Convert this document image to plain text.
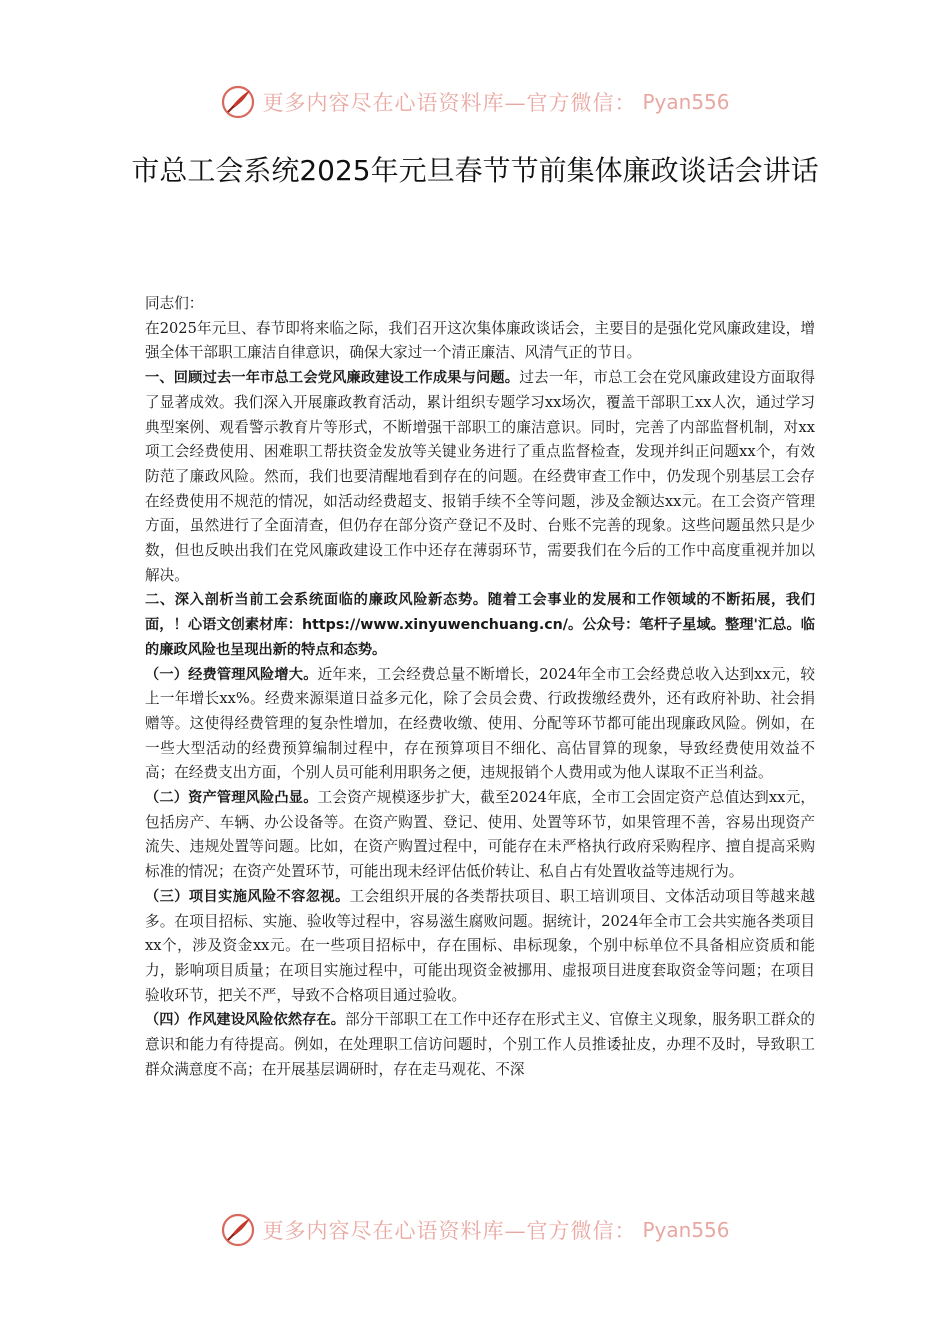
更多内容尽在心语资料库—官方微信： Pyan556
市总工会系统2025年元旦春节节前集体廉政谈话会讲话

同志们：

在2025年元旦、春节即将来临之际，我们召开这次集体廉政谈话会，主要目的是强化党风廉政建设，增强全体干部职工廉洁自律意识，确保大家过一个清正廉洁、风清气正的节日。

一、回顾过去一年市总工会党风廉政建设工作成果与问题。过去一年，市总工会在党风廉政建设方面取得了显著成效。我们深入开展廉政教育活动，累计组织专题学习xx场次，覆盖干部职工xx人次，通过学习典型案例、观看警示教育片等形式，不断增强干部职工的廉洁意识。同时，完善了内部监督机制，对xx项工会经费使用、困难职工帮扶资金发放等关键业务进行了重点监督检查，发现并纠正问题xx个，有效防范了廉政风险。然而，我们也要清醒地看到存在的问题。在经费审查工作中，仍发现个别基层工会存在经费使用不规范的情况，如活动经费超支、报销手续不全等问题，涉及金额达xx元。在工会资产管理方面，虽然进行了全面清查，但仍存在部分资产登记不及时、台账不完善的现象。这些问题虽然只是少数，但也反映出我们在党风廉政建设工作中还存在薄弱环节，需要我们在今后的工作中高度重视并加以解决。

二、深入剖析当前工会系统面临的廉政风险新态势。随着工会事业的发展和工作领域的不断拓展，我们面，！心语文创素材库：https://www.xinyuwenchuang.cn/。公众号：笔杆子星域。整理'汇总。临的廉政风险也呈现出新的特点和态势。

（一）经费管理风险增大。近年来，工会经费总量不断增长，2024年全市工会经费总收入达到xx元，较上一年增长xx%。经费来源渠道日益多元化，除了会员会费、行政拨缴经费外，还有政府补助、社会捐赠等。这使得经费管理的复杂性增加，在经费收缴、使用、分配等环节都可能出现廉政风险。例如，在一些大型活动的经费预算编制过程中，存在预算项目不细化、高估冒算的现象，导致经费使用效益不高；在经费支出方面，个别人员可能利用职务之便，违规报销个人费用或为他人谋取不正当利益。

（二）资产管理风险凸显。工会资产规模逐步扩大，截至2024年底，全市工会固定资产总值达到xx元，包括房产、车辆、办公设备等。在资产购置、登记、使用、处置等环节，如果管理不善，容易出现资产流失、违规处置等问题。比如，在资产购置过程中，可能存在未严格执行政府采购程序、擅自提高采购标准的情况；在资产处置环节，可能出现未经评估低价转让、私自占有处置收益等违规行为。

（三）项目实施风险不容忽视。工会组织开展的各类帮扶项目、职工培训项目、文体活动项目等越来越多。在项目招标、实施、验收等过程中，容易滋生腐败问题。据统计，2024年全市工会共实施各类项目xx个，涉及资金xx元。在一些项目招标中，存在围标、串标现象，个别中标单位不具备相应资质和能力，影响项目质量；在项目实施过程中，可能出现资金被挪用、虚报项目进度套取资金等问题；在项目验收环节，把关不严，导致不合格项目通过验收。

（四）作风建设风险依然存在。部分干部职工在工作中还存在形式主义、官僚主义现象，服务职工群众的意识和能力有待提高。例如，在处理职工信访问题时，个别工作人员推诿扯皮，办理不及时，导致职工群众满意度不高；在开展基层调研时，存在走马观花、不深

更多内容尽在心语资料库—官方微信： Pyan556
